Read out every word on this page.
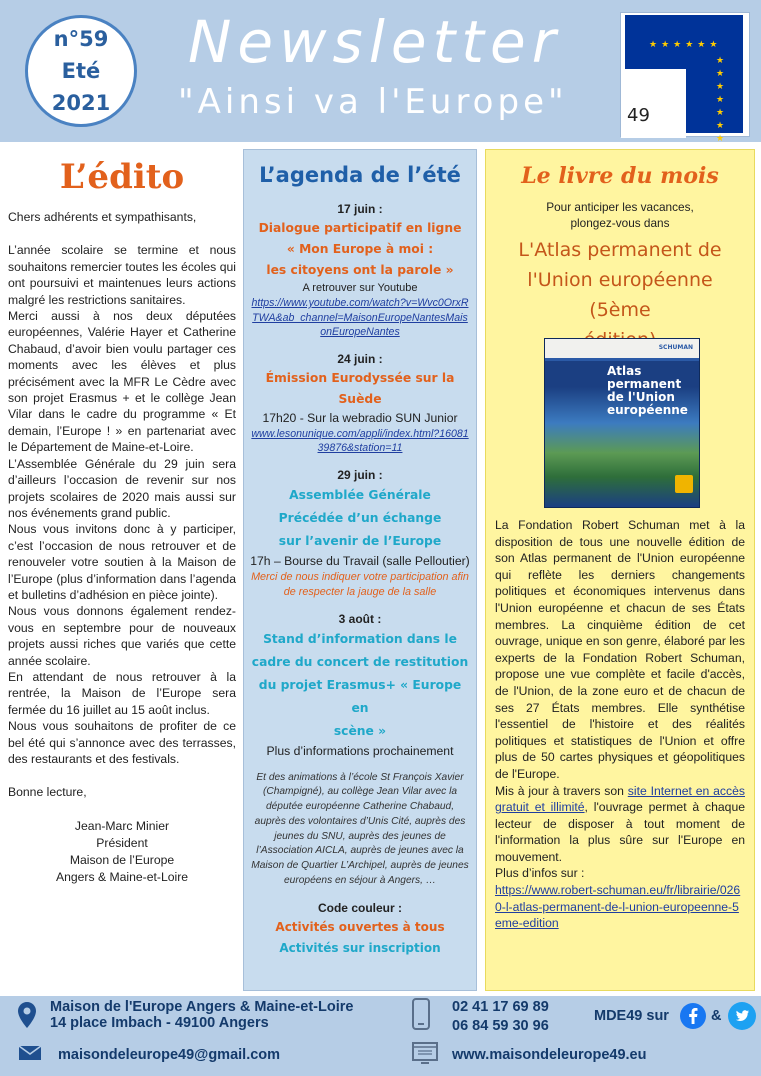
n°59
Eté
2021
Newsletter
"Ainsi va l'Europe"
★★★★★★
★
★
★
★
★
★
★
49
L’édito

Chers adhérents et sympathisants,

L’année scolaire se termine et nous souhaitons remercier toutes les écoles qui ont poursuivi et maintenues leurs actions malgré les restrictions sanitaires.

Merci aussi à nos deux députées européennes, Valérie Hayer et Catherine Chabaud, d’avoir bien voulu partager ces moments avec les élèves et plus précisément avec la MFR Le Cèdre avec son projet Erasmus + et le collège Jean Vilar dans le cadre du programme « Et demain, l’Europe ! » en partenariat avec le Département de Maine-et-Loire.

L’Assemblée Générale du 29 juin sera d’ailleurs l’occasion de revenir sur nos projets scolaires de 2020 mais aussi sur nos événements grand public.

Nous vous invitons donc à y participer, c’est l’occasion de nous retrouver et de renouveler votre soutien à la Maison de l’Europe (plus d’information dans l’agenda et bulletins d’adhésion en pièce jointe).

Nous vous donnons également rendez-vous en septembre pour de nouveaux projets aussi riches que variés que cette année scolaire.

En attendant de nous retrouver à la rentrée, la Maison de l’Europe sera fermée du 16 juillet au 15 août inclus.

Nous vous souhaitons de profiter de ce bel été qui s’annonce avec des terrasses, des restaurants et des festivals.

Bonne lecture,

Jean-Marc Minier

Président

Maison de l’Europe

Angers & Maine-et-Loire

L’agenda de l’été
17 juin :
Dialogue participatif en ligne
« Mon Europe à moi :
les citoyens ont la parole »
A retrouver sur Youtube
https://www.youtube.com/watch?v=Wvc0OrxRTWA&ab_channel=MaisonEuropeNantesMaisonEuropeNantes
24 juin :
Émission Eurodyssée sur la Suède
17h20 - Sur la webradio SUN Junior
www.lesonunique.com/appli/index.html?1608139876&station=11
29 juin :
Assemblée Générale
Précédée d’un échange
sur l’avenir de l’Europe
17h – Bourse du Travail (salle Pelloutier)
Merci de nous indiquer votre participation afin de respecter la jauge de la salle
3 août :
Stand d’information dans le
cadre du concert de restitution
du projet Erasmus+ « Europe en
scène »
Plus d’informations prochainement
Et des animations à l’école St François Xavier (Champigné), au collège Jean Vilar avec la députée européenne Catherine Chabaud, auprès des volontaires d’Unis Cité, auprès des jeunes du SNU, auprès des jeunes de l’Association AICLA, auprès de jeunes avec la Maison de Quartier L’Archipel, auprès de jeunes européens en séjour à Angers, …
Code couleur :
Activités ouvertes à tous
Activités sur inscription
Le livre du mois
Pour anticiper les vacances,
plongez-vous dans
L'Atlas permanent de
l'Union européenne (5ème
SCHUMAN
Atlas permanent de l'Union européenne
La Fondation Robert Schuman met à la disposition de tous une nouvelle édition de son Atlas permanent de l'Union européenne qui reflète les derniers changements politiques et économiques intervenus dans l'Union européenne et chacun de ses États membres. La cinquième édition de cet ouvrage, unique en son genre, élaboré par les experts de la Fondation Robert Schuman, propose une vue complète et facile d'accès, de l'Union, de la zone euro et de chacun de ses 27 États membres. Elle synthétise l'essentiel de l'histoire et des réalités politiques et statistiques de l'Union et offre plus de 50 cartes physiques et géopolitiques de l'Europe.
Mis à jour à travers son site Internet en accès gratuit et illimité, l'ouvrage permet à chaque lecteur de disposer à tout moment de l'information la plus sûre sur l'Europe en mouvement.
Plus d’infos sur :
https://www.robert-schuman.eu/fr/librairie/0260-l-atlas-permanent-de-l-union-europeenne-5eme-edition
Maison de l'Europe Angers & Maine-et-Loire
14 place Imbach - 49100 Angers
02 41 17 69 89
06 84 59 30 96
MDE49 sur	&
maisondeleurope49@gmail.com	www.maisondeleurope49.eu
